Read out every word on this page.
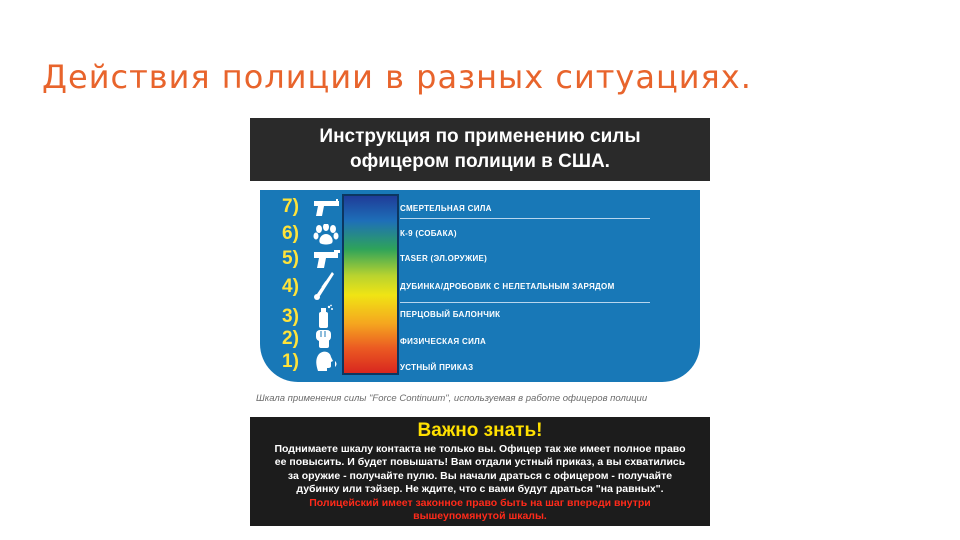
Действия полиции в разных ситуациях.
Инструкция по применению силы
офицером полиции в США.
7)	СМЕРТЕЛЬНАЯ СИЛА
6)	К-9 (СОБАКА)
5)	TASER (ЭЛ.ОРУЖИЕ)
4)	ДУБИНКА/ДРОБОВИК С НЕЛЕТАЛЬНЫМ ЗАРЯДОМ
3)	ПЕРЦОВЫЙ БАЛОНЧИК
2)	ФИЗИЧЕСКАЯ СИЛА
1)	УСТНЫЙ ПРИКАЗ
Шкала применения силы "Force Continuum", используемая в работе офицеров полиции
Важно знать!
Поднимаете шкалу контакта не только вы. Офицер так же имеет полное право
ее повысить. И будет повышать! Вам отдали устный приказ, а вы схватились
за оружие - получайте пулю. Вы начали драться с офицером - получайте
дубинку или тэйзер. Не ждите, что с вами будут драться "на равных".
Полицейский имеет законное право быть на шаг впереди внутри
вышеупомянутой шкалы.
